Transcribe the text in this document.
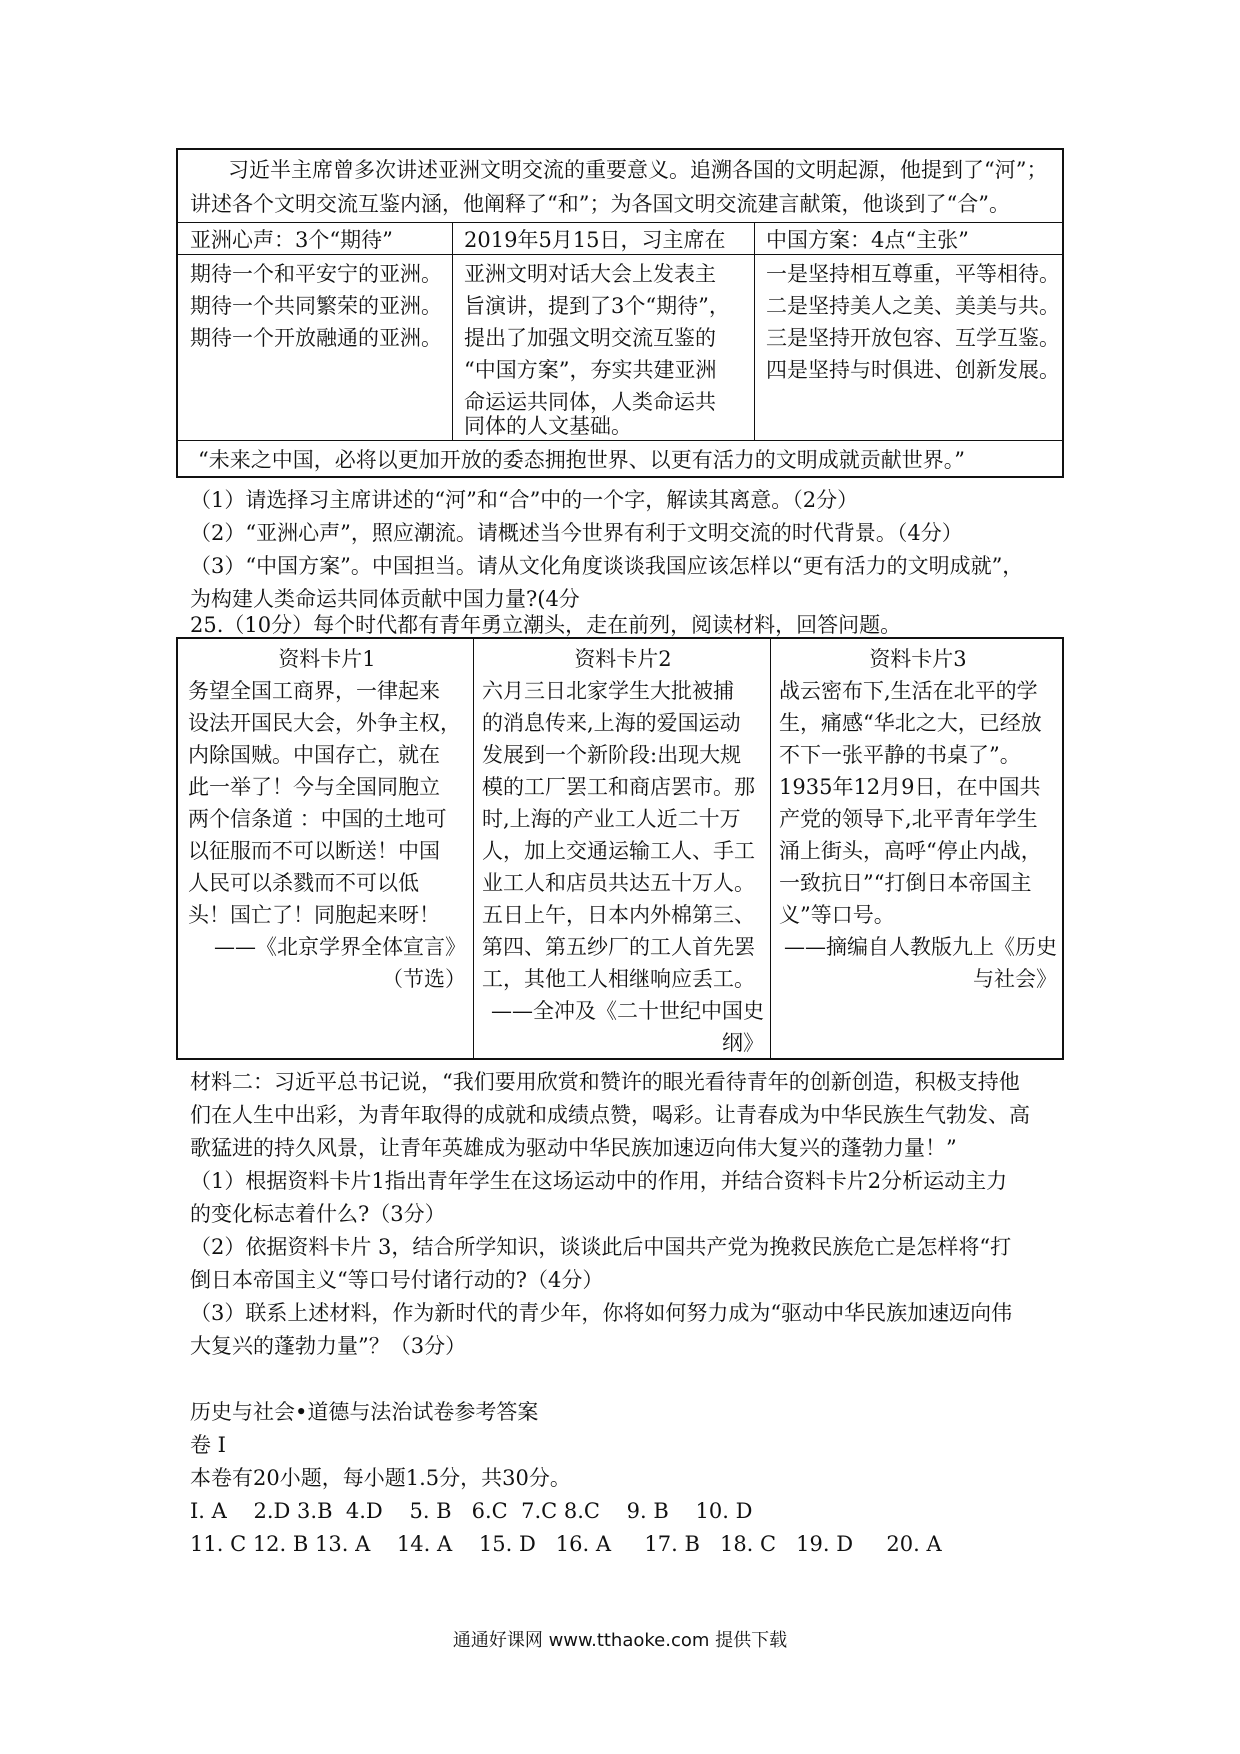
习近半主席曾多次讲述亚洲文明交流的重要意义。追溯各国的文明起源，他提到了“河”；
讲述各个文明交流互鉴内涵，他阐释了“和”；为各国文明交流建言献策，他谈到了“合”。
亚洲心声：3个“期待”
期待一个和平安宁的亚洲。
期待一个共同繁荣的亚洲。
期待一个开放融通的亚洲。
2019年5月15日，习主席在
亚洲文明对话大会上发表主
旨演讲，提到了3个“期待”，
提出了加强文明交流互鉴的
“中国方案”，夯实共建亚洲
命运运共同体，人类命运共
同体的人文基础。
中国方案：4点“主张”
一是坚持相互尊重，平等相待。
二是坚持美人之美、美美与共。
三是坚持开放包容、互学互鉴。
四是坚持与时俱进、创新发展。
“未来之中国，必将以更加开放的委态拥抱世界、以更有活力的文明成就贡献世界。”
（1）请选择习主席讲述的“河”和“合”中的一个字，解读其离意。（2分）
（2）“亚洲心声”，照应潮流。请概述当今世界有利于文明交流的时代背景。（4分）
（3）“中国方案”。中国担当。请从文化角度谈谈我国应该怎样以“更有活力的文明成就”，
为构建人类命运共同体贡献中国力量?(4分
25.（10分）每个时代都有青年勇立潮头，走在前列，阅读材料，回答问题。
资料卡片1
务望全国工商界，一律起来
设法开国民大会，外争主权，
内除国贼。中国存亡，就在
此一举了！今与全国同胞立
两个信条道 ：中国的土地可
以征服而不可以断送！中国
人民可以杀戮而不可以低
头！国亡了！同胞起来呀！
——《北京学界全体宣言》
（节选）
资料卡片2
六月三日北家学生大批被捕
的消息传来,上海的爱国运动
发展到一个新阶段:出现大规
模的工厂罢工和商店罢市。那
时,上海的产业工人近二十万
人，加上交通运输工人、手工
业工人和店员共达五十万人。
五日上午，日本内外棉第三、
第四、第五纱厂的工人首先罢
工，其他工人相继响应丢工。
——全冲及《二十世纪中国史
纲》
资料卡片3
战云密布下,生活在北平的学
生，痛感“华北之大，已经放
不下一张平静的书桌了”。
1935年12月9日，在中国共
产党的领导下,北平青年学生
涌上街头，高呼“停止内战，
一致抗日”“打倒日本帝国主
义”等口号。
——摘编自人教版九上《历史
与社会》
材料二：习近平总书记说，“我们要用欣赏和赞许的眼光看待青年的创新创造，积极支持他
们在人生中出彩，为青年取得的成就和成绩点赞，喝彩。让青春成为中华民族生气勃发、高
歌猛进的持久风景，让青年英雄成为驱动中华民族加速迈向伟大复兴的蓬勃力量！”
（1）根据资料卡片1指出青年学生在这场运动中的作用，并结合资料卡片2分析运动主力
的变化标志着什么?（3分）
（2）依据资料卡片 3，结合所学知识，谈谈此后中国共产党为挽救民族危亡是怎样将“打
倒日本帝国主义“等口号付诸行动的?（4分）
（3）联系上述材料，作为新时代的青少年，你将如何努力成为“驱动中华民族加速迈向伟
大复兴的蓬勃力量”？（3分）
历史与社会•道德与法治试卷参考答案
卷 I
本卷有20小题，每小题1.5分，共30分。
I. A    2.D 3.B  4.D    5. B   6.C  7.C 8.C    9. B    10. D
11. C 12. B 13. A    14. A    15. D   16. A     17. B   18. C   19. D     20. A
通通好课网 www.tthaoke.com 提供下载
